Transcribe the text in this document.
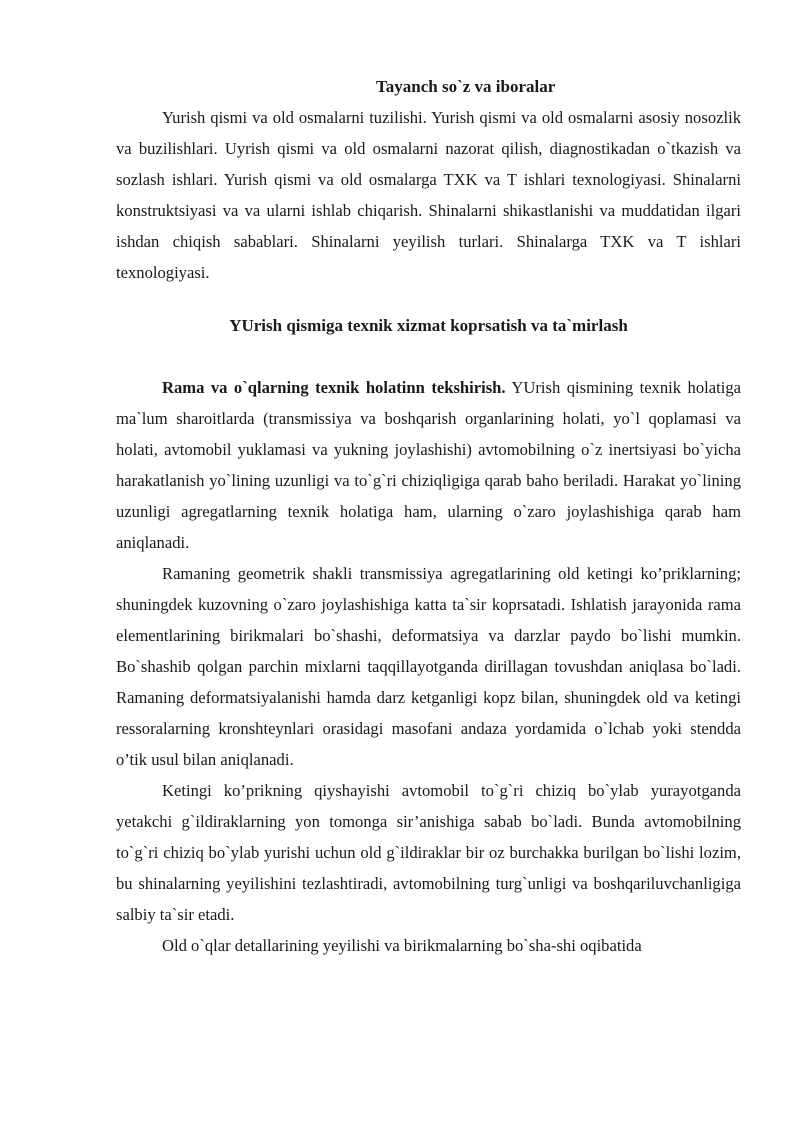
Tayanch so`z va iboralar

Yurish qismi va old osmalarni tuzilishi. Yurish qismi va old osmalarni asosiy nosozlik va buzilishlari. Uyrish qismi va old osmalarni nazorat qilish, diagnostikadan o`tkazish va sozlash ishlari. Yurish qismi va old osmalarga TXK va T ishlari texnologiyasi. Shinalarni konstruktsiyasi va va ularni ishlab chiqarish. Shinalarni shikastlanishi va muddatidan ilgari ishdan chiqish sabablari. Shinalarni yeyilish turlari. Shinalarga TXK va T ishlari texnologiyasi.

YUrish qismiga texnik xizmat koprsatish va ta`mirlash

Rama va o`qlarning texnik holatinn tekshirish. YUrish qismining texnik holatiga ma`lum sharoitlarda (transmissiya va boshqarish organlarining holati, yo`l qoplamasi va holati, avtomobil yuklamasi va yukning joylashishi) avtomobilning o`z inertsiyasi bo`yicha harakatlanish yo`lining uzunligi va to`g`ri chiziqligiga qarab baho beriladi. Harakat yo`lining uzunligi agregatlarning texnik holatiga ham, ularning o`zaro joylashishiga qarab ham aniqlanadi.

Ramaning geometrik shakli transmissiya agregatlarining old ketingi ko’priklarning; shuningdek kuzovning o`zaro joylashishiga katta ta`sir koprsatadi. Ishlatish jarayonida rama elementlarining birikmalari bo`shashi, deformatsiya va darzlar paydo bo`lishi mumkin. Bo`shashib qolgan parchin mixlarni taqqillayotganda dirillagan tovushdan aniqlasa bo`ladi. Ramaning deformatsiyalanishi hamda darz ketganligi kopz bilan, shuningdek old va ketingi ressoralarning kronshteynlari orasidagi masofani andaza yordamida o`lchab yoki stendda o’tik usul bilan aniqlanadi.

Ketingi ko’prikning qiyshayishi avtomobil to`g`ri chiziq bo`ylab yurayotganda yetakchi g`ildiraklarning yon tomonga sir’anishiga sabab bo`ladi. Bunda avtomobilning to`g`ri chiziq bo`ylab yurishi uchun old g`ildiraklar bir oz burchakka burilgan bo`lishi lozim, bu shinalarning yeyilishini tezlashtiradi, avtomobilning turg`unligi va boshqariluvchanligiga salbiy ta`sir etadi.

Old o`qlar detallarining yeyilishi va birikmalarning bo`sha-shi oqibatida
